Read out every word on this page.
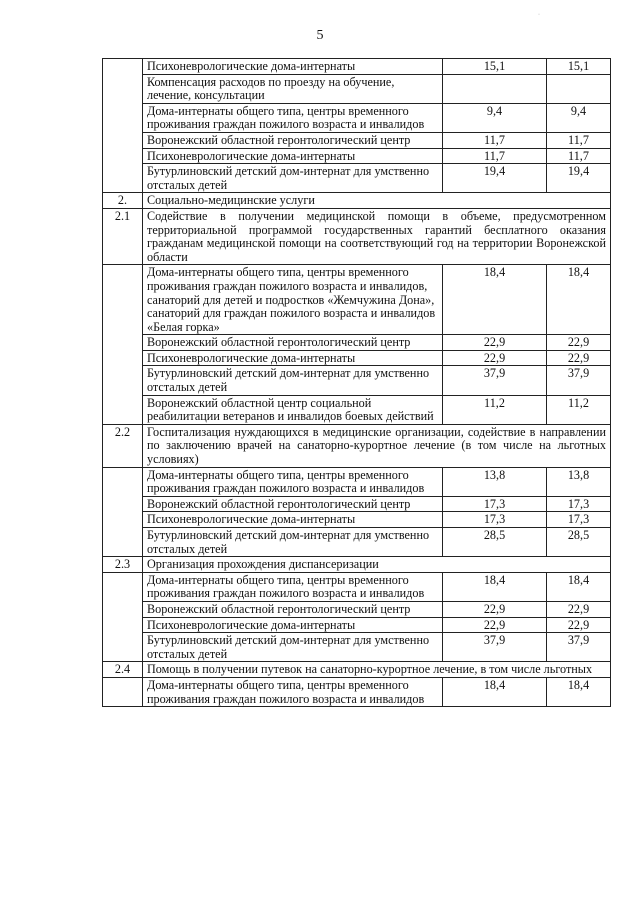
5
·
	Психоневрологические дома-интернаты	15,1	15,1
	Компенсация расходов по проезду на обучение, лечение, консультации		
	Дома-интернаты общего типа, центры временного проживания граждан пожилого возраста и инвалидов	9,4	9,4
	Воронежский областной геронтологический центр	11,7	11,7
	Психоневрологические дома-интернаты	11,7	11,7
	Бутурлиновский детский дом-интернат для умственно отсталых детей	19,4	19,4
2.	Социально-медицинские услуги		
2.1	Содействие в получении медицинской помощи в объеме, предусмотренном территориальной программой государственных гарантий бесплатного оказания гражданам медицинской помощи на соответствующий год на территории Воронежской области		
	Дома-интернаты общего типа, центры временного проживания граждан пожилого возраста и инвалидов, санаторий для детей и подростков «Жемчужина Дона», санаторий для граждан пожилого возраста и инвалидов «Белая горка»	18,4	18,4
	Воронежский областной геронтологический центр	22,9	22,9
	Психоневрологические дома-интернаты	22,9	22,9
	Бутурлиновский детский дом-интернат для умственно отсталых детей	37,9	37,9
	Воронежский областной центр социальной реабилитации ветеранов и инвалидов боевых действий	11,2	11,2
2.2	Госпитализация нуждающихся в медицинские организации, содействие в направлении по заключению врачей на санаторно-курортное лечение (в том числе на льготных условиях)		
	Дома-интернаты общего типа, центры временного проживания граждан пожилого возраста и инвалидов	13,8	13,8
	Воронежский областной геронтологический центр	17,3	17,3
	Психоневрологические дома-интернаты	17,3	17,3
	Бутурлиновский детский дом-интернат для умственно отсталых детей	28,5	28,5
2.3	Организация прохождения диспансеризации		
	Дома-интернаты общего типа, центры временного проживания граждан пожилого возраста и инвалидов	18,4	18,4
	Воронежский областной геронтологический центр	22,9	22,9
	Психоневрологические дома-интернаты	22,9	22,9
	Бутурлиновский детский дом-интернат для умственно отсталых детей	37,9	37,9
2.4	Помощь в получении путевок на санаторно-курортное лечение, в том числе льготных		
	Дома-интернаты общего типа, центры временного проживания граждан пожилого возраста и инвалидов	18,4	18,4
